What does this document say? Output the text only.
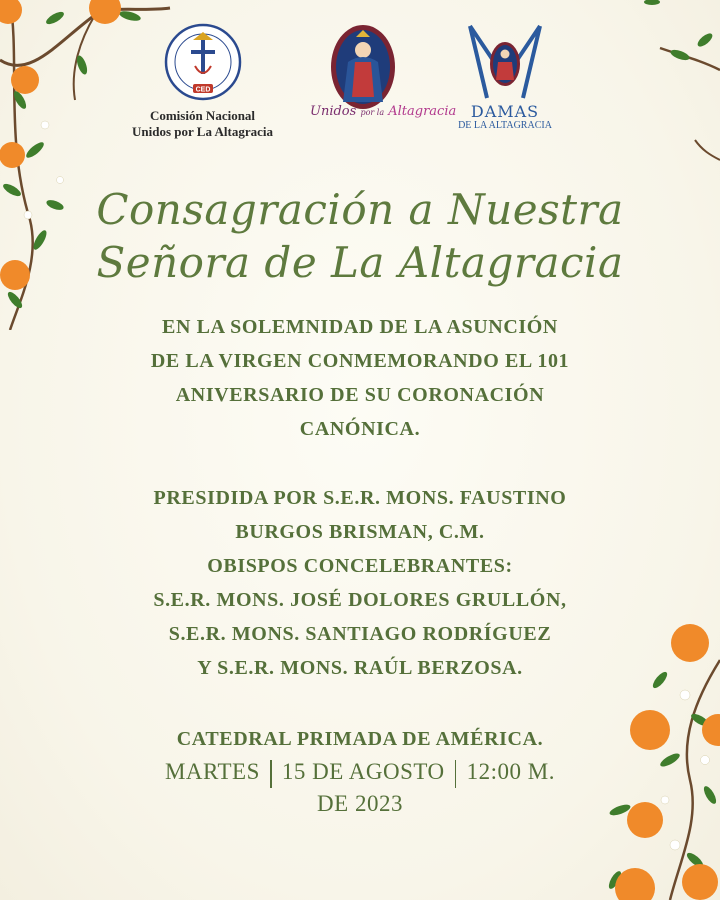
CED
Comisión Nacional
Unidos por La Altagracia
Unidos por la Altagracia DAMAS
DE LA ALTAGRACIA
Consagración a Nuestra
Señora de La Altagracia
EN LA SOLEMNIDAD DE LA ASUNCIÓN
DE LA VIRGEN CONMEMORANDO EL 101
ANIVERSARIO DE SU CORONACIÓN
CANÓNICA.
PRESIDIDA POR S.E.R. MONS. FAUSTINO
BURGOS BRISMAN, C.M.
OBISPOS CONCELEBRANTES:
S.E.R. MONS. JOSÉ DOLORES GRULLÓN,
S.E.R. MONS. SANTIAGO RODRÍGUEZ
Y S.E.R. MONS. RAÚL BERZOSA.
CATEDRAL PRIMADA DE AMÉRICA.
MARTES 15 DE AGOSTO 12:00 M.
DE 2023
